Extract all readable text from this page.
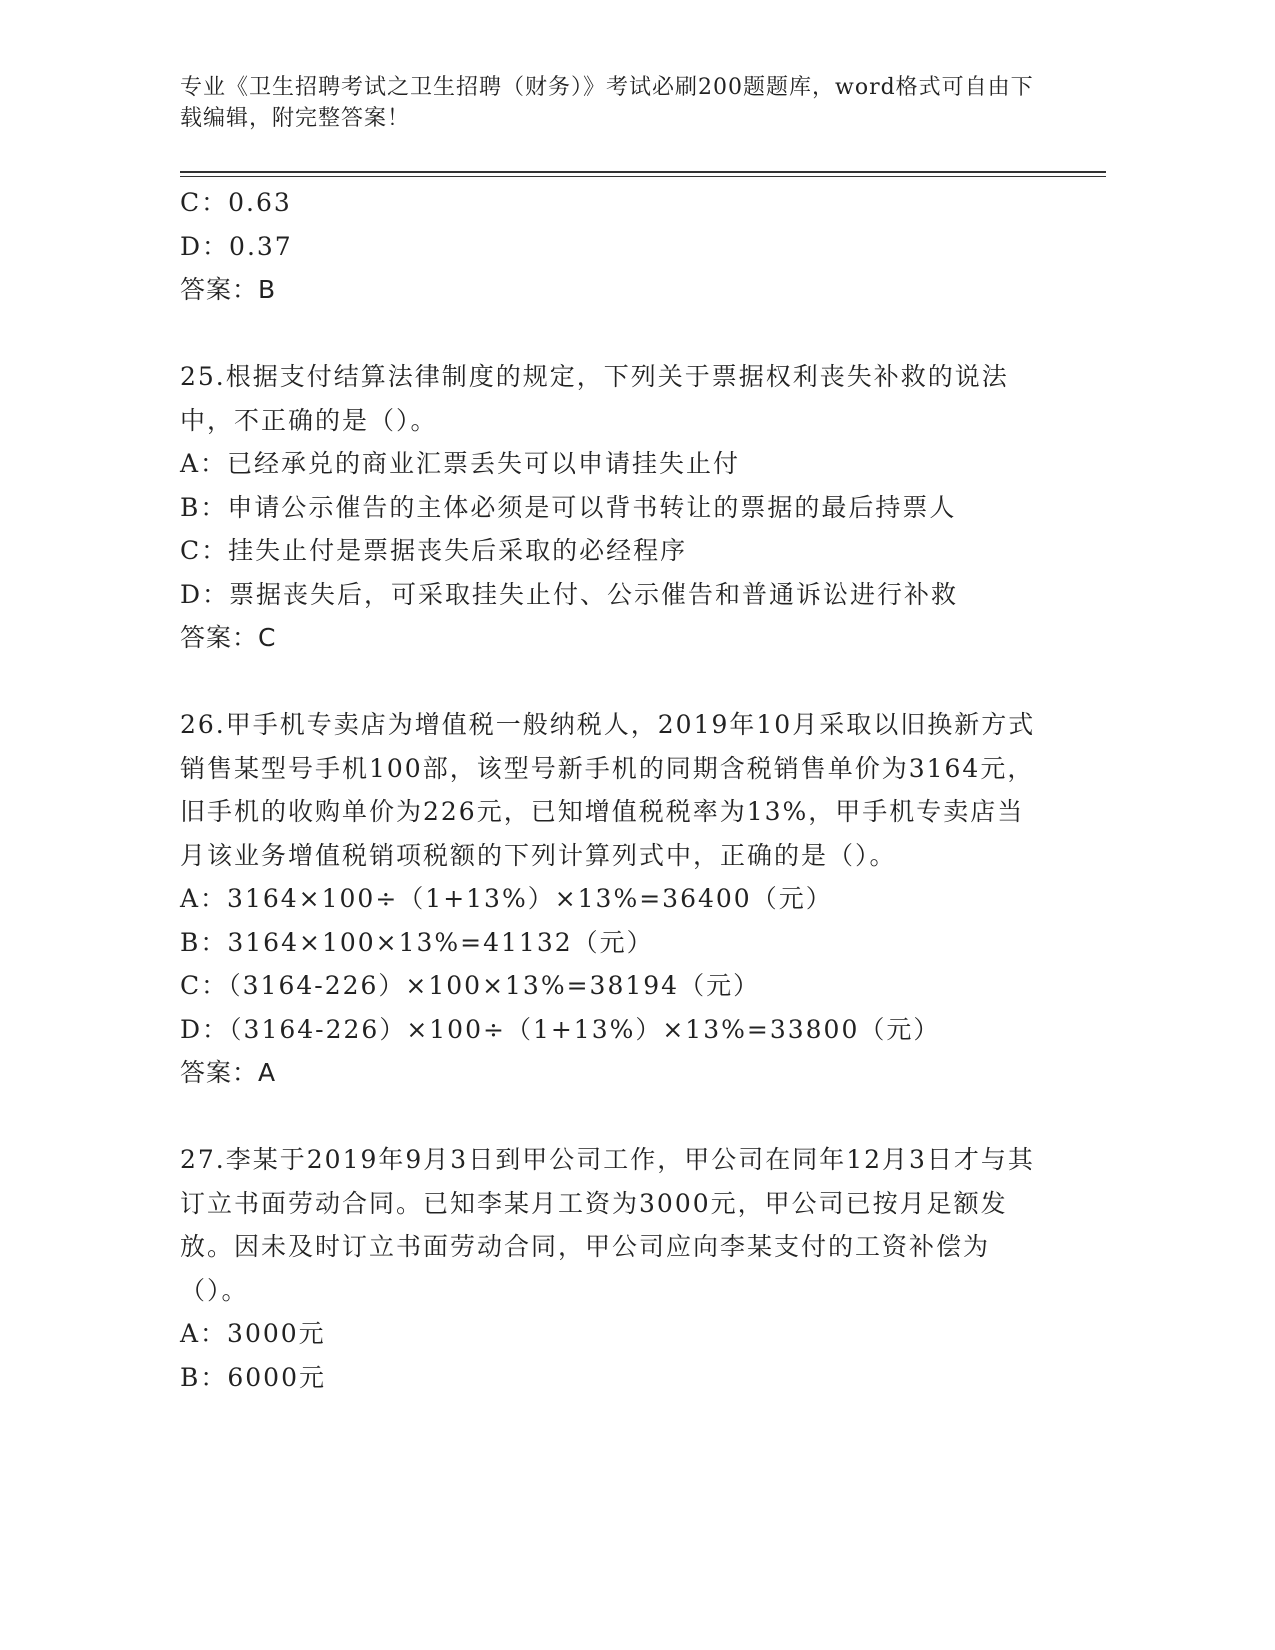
专业《卫生招聘考试之卫生招聘（财务）》考试必刷200题题库，word格式可自由下载编辑，附完整答案！
C：0.63
D：0.37
答案：B
25.根据支付结算法律制度的规定，下列关于票据权利丧失补救的说法中，不正确的是（）。
A：已经承兑的商业汇票丢失可以申请挂失止付
B：申请公示催告的主体必须是可以背书转让的票据的最后持票人
C：挂失止付是票据丧失后采取的必经程序
D：票据丧失后，可采取挂失止付、公示催告和普通诉讼进行补救
答案：C
26.甲手机专卖店为增值税一般纳税人，2019年10月采取以旧换新方式销售某型号手机100部，该型号新手机的同期含税销售单价为3164元，旧手机的收购单价为226元，已知增值税税率为13%，甲手机专卖店当月该业务增值税销项税额的下列计算列式中，正确的是（）。
A：3164×100÷（1+13%）×13%=36400（元）
B：3164×100×13%=41132（元）
C：（3164-226）×100×13%=38194（元）
D：（3164-226）×100÷（1+13%）×13%=33800（元）
答案：A
27.李某于2019年9月3日到甲公司工作，甲公司在同年12月3日才与其订立书面劳动合同。已知李某月工资为3000元，甲公司已按月足额发放。因未及时订立书面劳动合同，甲公司应向李某支付的工资补偿为（）。
A：3000元
B：6000元
